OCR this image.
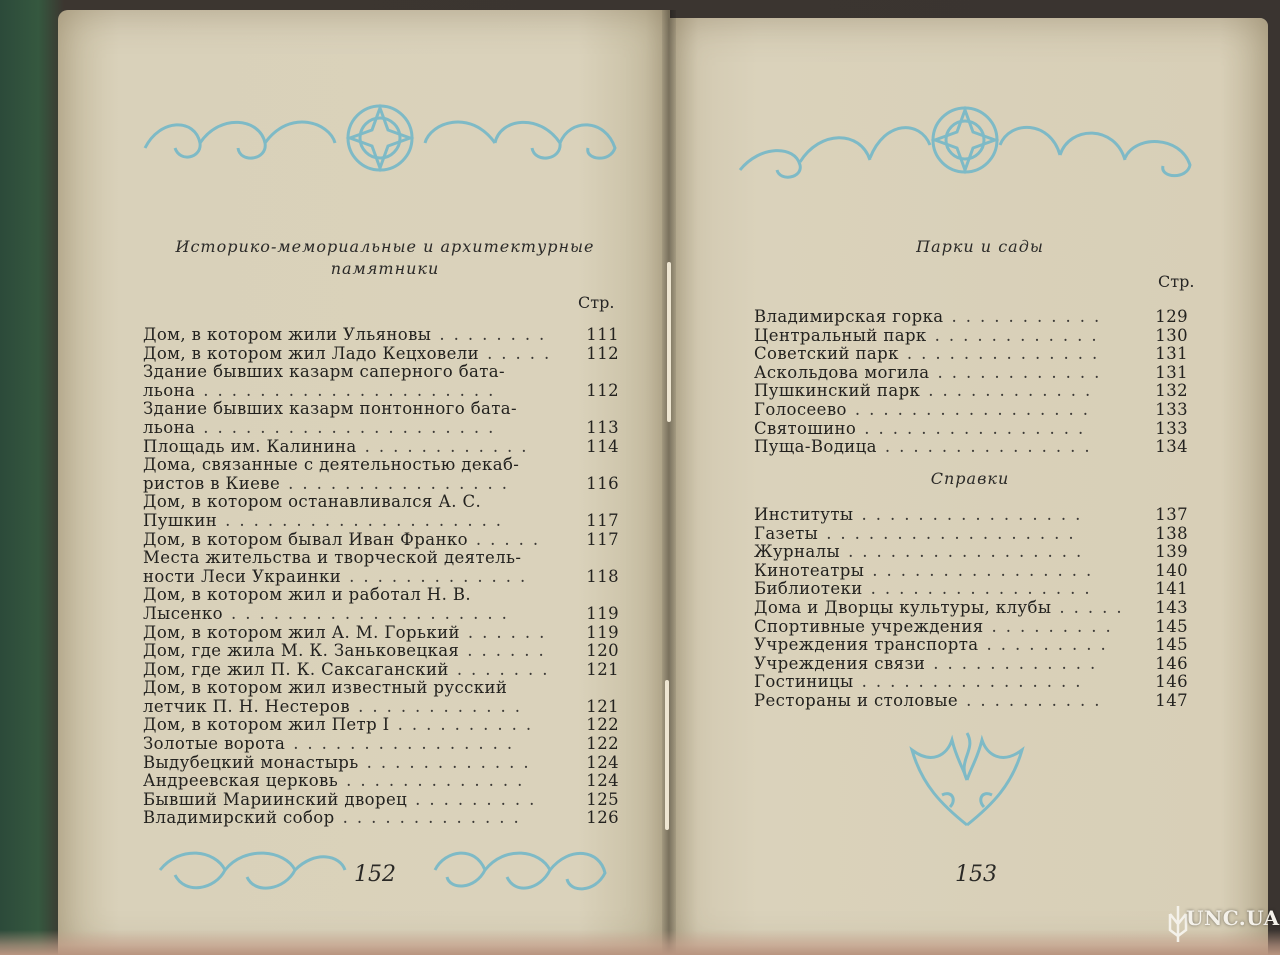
Историко-мемориальные и архитектурные памятники
Стр.
Дом, в котором жили Ульяновы	111
........
Дом, в котором жил Ладо Кецховели	112
.....
Здание бывших казарм саперного бата-
льона	112
.....................
Здание бывших казарм понтонного бата-
льона	113
.....................
Площадь им. Калинина	114
............
Дома, связанные с деятельностью декаб-
ристов в Киеве	116
................
Дом, в котором останавливался А. С.
Пушкин	117
....................
Дом, в котором бывал Иван Франко	117
.....
Места жительства и творческой деятель-
ности Леси Украинки	118
.............
Дом, в котором жил и работал Н. В.
Лысенко	119
....................
Дом, в котором жил А. М. Горький	119
......
Дом, где жила М. К. Заньковецкая	120
......
Дом, где жил П. К. Саксаганский	121
.......
Дом, в котором жил известный русский
летчик П. Н. Нестеров	121
............
Дом, в котором жил Петр I	122
..........
Золотые ворота	122
................
Выдубецкий монастырь	124
............
Андреевская церковь	124
.............
Бывший Мариинский дворец	125
.........
Владимирский собор	126
.............
Парки и сады
Стр.
Владимирская горка	129
...........
Центральный парк	130
............
Советский парк	131
..............
Аскольдова могила	131
............
Пушкинский парк	132
............
Голосеево	133
.................
Святошино	133
................
Пуща-Водица	134
...............
Справки
Институты	137
................
Газеты	138
..................
Журналы	139
.................
Кинотеатры	140
................
Библиотеки	141
................
Дома и Дворцы культуры, клубы	143
.....
Спортивные учреждения	145
.........
Учреждения транспорта	145
.........
Учреждения связи	146
............
Гостиницы	146
................
Рестораны и столовые	147
..........
152	153
UNC.UA
